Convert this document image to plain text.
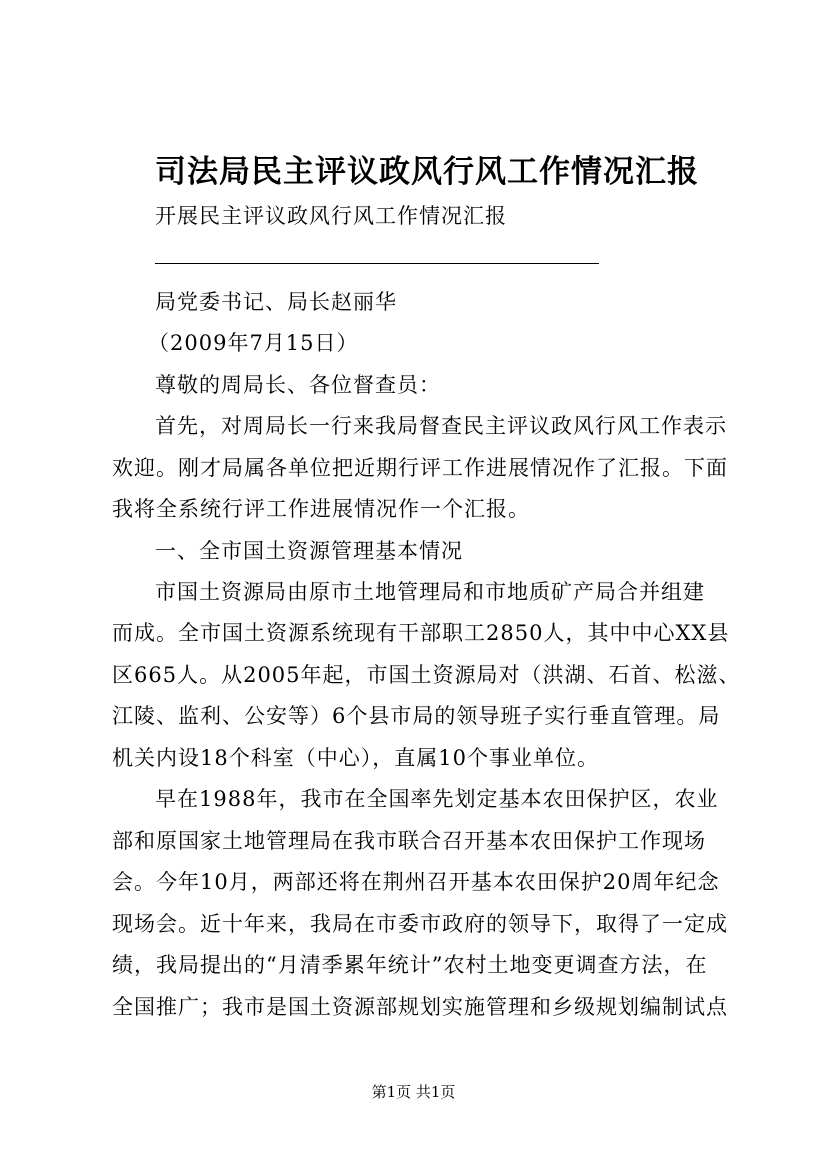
司法局民主评议政风行风工作情况汇报
开展民主评议政风行风工作情况汇报
局党委书记、局长赵丽华
（2009年7月15日）
尊敬的周局长、各位督查员：
首先，对周局长一行来我局督查民主评议政风行风工作表示
欢迎。刚才局属各单位把近期行评工作进展情况作了汇报。下面
我将全系统行评工作进展情况作一个汇报。
一、全市国土资源管理基本情况
市国土资源局由原市土地管理局和市地质矿产局合并组建
而成。全市国土资源系统现有干部职工2850人，其中中心XX县
区665人。从2005年起，市国土资源局对（洪湖、石首、松滋、
江陵、监利、公安等）6个县市局的领导班子实行垂直管理。局
机关内设18个科室（中心），直属10个事业单位。
早在1988年，我市在全国率先划定基本农田保护区，农业
部和原国家土地管理局在我市联合召开基本农田保护工作现场
会。今年10月，两部还将在荆州召开基本农田保护20周年纪念
现场会。近十年来，我局在市委市政府的领导下，取得了一定成
绩，我局提出的“月清季累年统计”农村土地变更调查方法，在
全国推广；我市是国土资源部规划实施管理和乡级规划编制试点
第1页 共1页
